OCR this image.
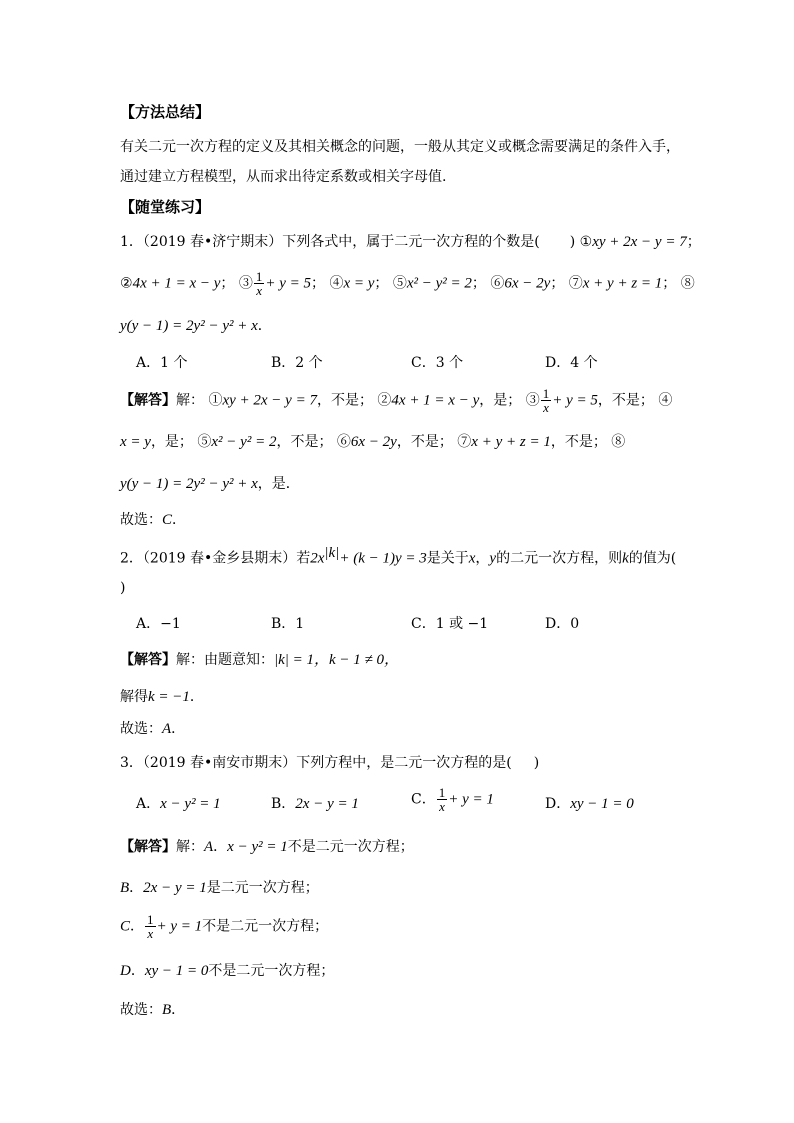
【方法总结】
有关二元一次方程的定义及其相关概念的问题，一般从其定义或概念需要满足的条件入手，
通过建立方程模型，从而求出待定系数或相关字母值.
【随堂练习】
1．（2019 春•济宁期末）下列各式中，属于二元一次方程的个数是( ) ①xy + 2x − y = 7；
②4x + 1 = x − y； ③ $\frac{1}{x} + y = 5$； ④x = y； ⑤x² − y² = 2； ⑥6x − 2y； ⑦x + y + z = 1； ⑧
y(y − 1) = 2y² − y² + x．
A．1 个	B．2 个	C．3 个	D．4 个
【解答】解： ①xy + 2x − y = 7，不是； ②4x + 1 = x − y，是； ③ $\frac{1}{x} + y = 5$，不是； ④
x = y，是； ⑤x² − y² = 2，不是； ⑥6x − 2y，不是； ⑦x + y + z = 1，不是； ⑧
y(y − 1) = 2y² − y² + x，是．
故选：C．
2．（2019 春•金乡县期末）若$2x^{|k|}+ (k - 1)y = 3$是关于x，y的二元一次方程，则k的值为(
)
A．−1	B．1	C．1 或 −1	D．0
【解答】解：由题意知：|k| = 1，k − 1 ≠ 0，
解得k = −1．
故选：A．
3．（2019 春•南安市期末）下列方程中，是二元一次方程的是( )
A．x − y² = 1	B．2x − y = 1	C． $\frac{1}{x} + y = 1$	D．xy − 1 = 0
【解答】解：A．x − y² = 1不是二元一次方程；
B．2x − y = 1是二元一次方程；
C． $\frac{1}{x} + y = 1$不是二元一次方程；
D．xy − 1 = 0不是二元一次方程；
故选：B．
